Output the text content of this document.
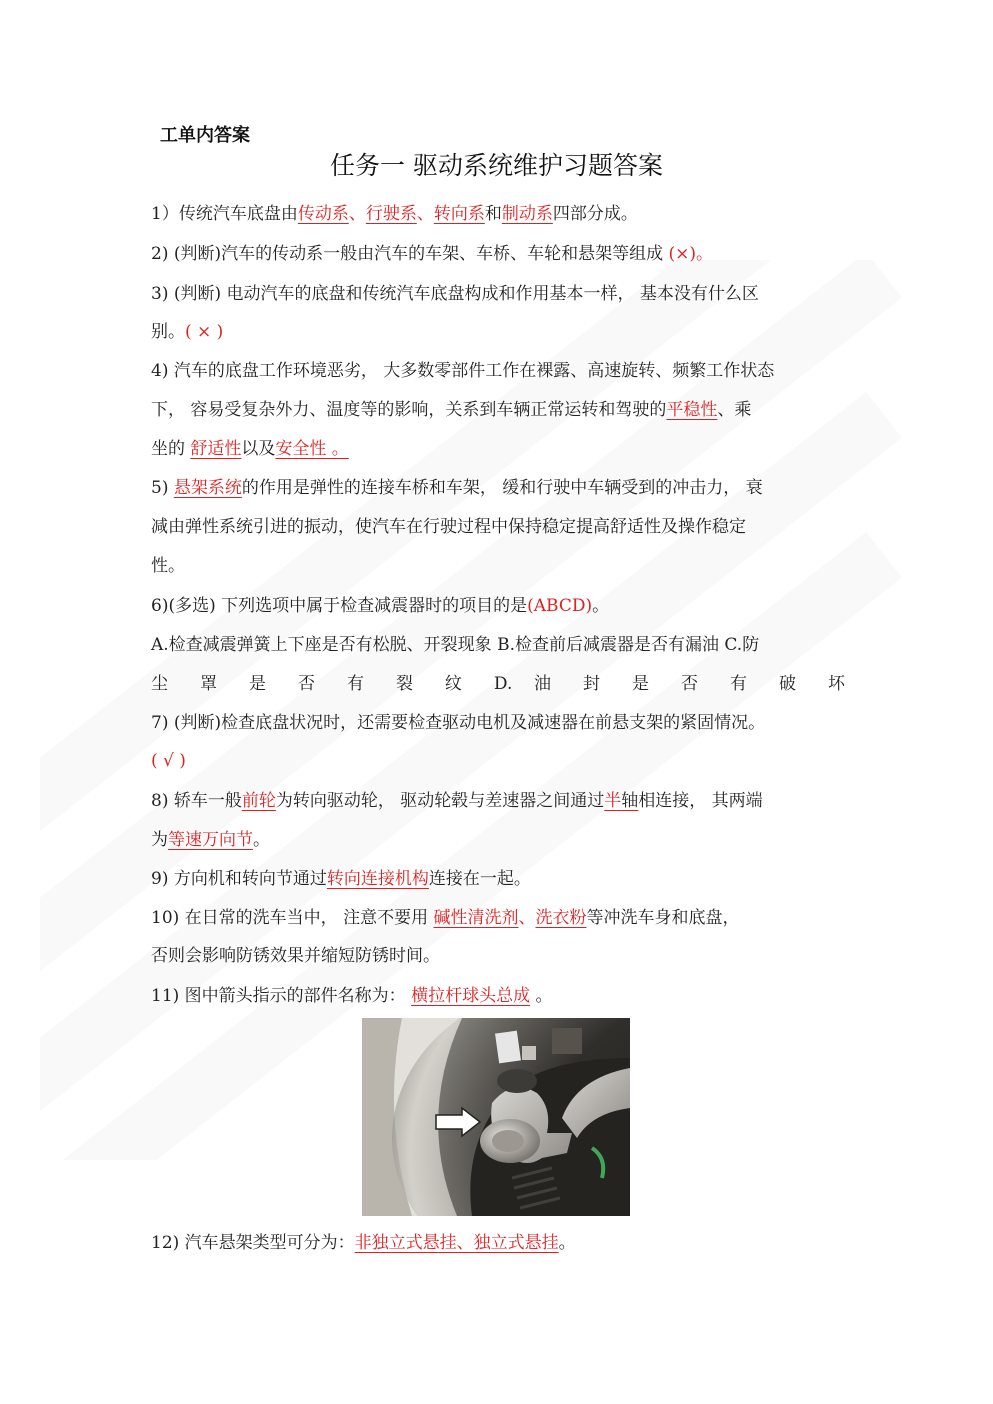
工单内答案
任务一 驱动系统维护习题答案
1）传统汽车底盘由传动系、行驶系、转向系和制动系四部分成。
2) (判断)汽车的传动系一般由汽车的车架、车桥、车轮和悬架等组成 (×)。
3) (判断) 电动汽车的底盘和传统汽车底盘构成和作用基本一样， 基本没有什么区
别。( × )
4) 汽车的底盘工作环境恶劣， 大多数零部件工作在裸露、高速旋转、频繁工作状态
下， 容易受复杂外力、温度等的影响，关系到车辆正常运转和驾驶的平稳性、乘
坐的 舒适性以及安全性 。
5) 悬架系统的作用是弹性的连接车桥和车架， 缓和行驶中车辆受到的冲击力， 衰
减由弹性系统引进的振动，使汽车在行驶过程中保持稳定提高舒适性及操作稳定
性。
6)(多选) 下列选项中属于检查减震器时的项目的是(ABCD)。
A.检查减震弹簧上下座是否有松脱、开裂现象 B.检查前后减震器是否有漏油 C.防
尘 罩 是 否 有 裂 纹 D. 油 封 是 否 有 破 坏
7) (判断)检查底盘状况时，还需要检查驱动电机及减速器在前悬支架的紧固情况。
( √ )
8) 轿车一般前轮为转向驱动轮， 驱动轮毂与差速器之间通过半轴相连接， 其两端
为等速万向节。
9) 方向机和转向节通过转向连接机构连接在一起。
10) 在日常的洗车当中， 注意不要用 碱性清洗剂、洗衣粉等冲洗车身和底盘，
否则会影响防锈效果并缩短防锈时间。
11) 图中箭头指示的部件名称为： 横拉杆球头总成 。
12) 汽车悬架类型可分为：非独立式悬挂、独立式悬挂。
